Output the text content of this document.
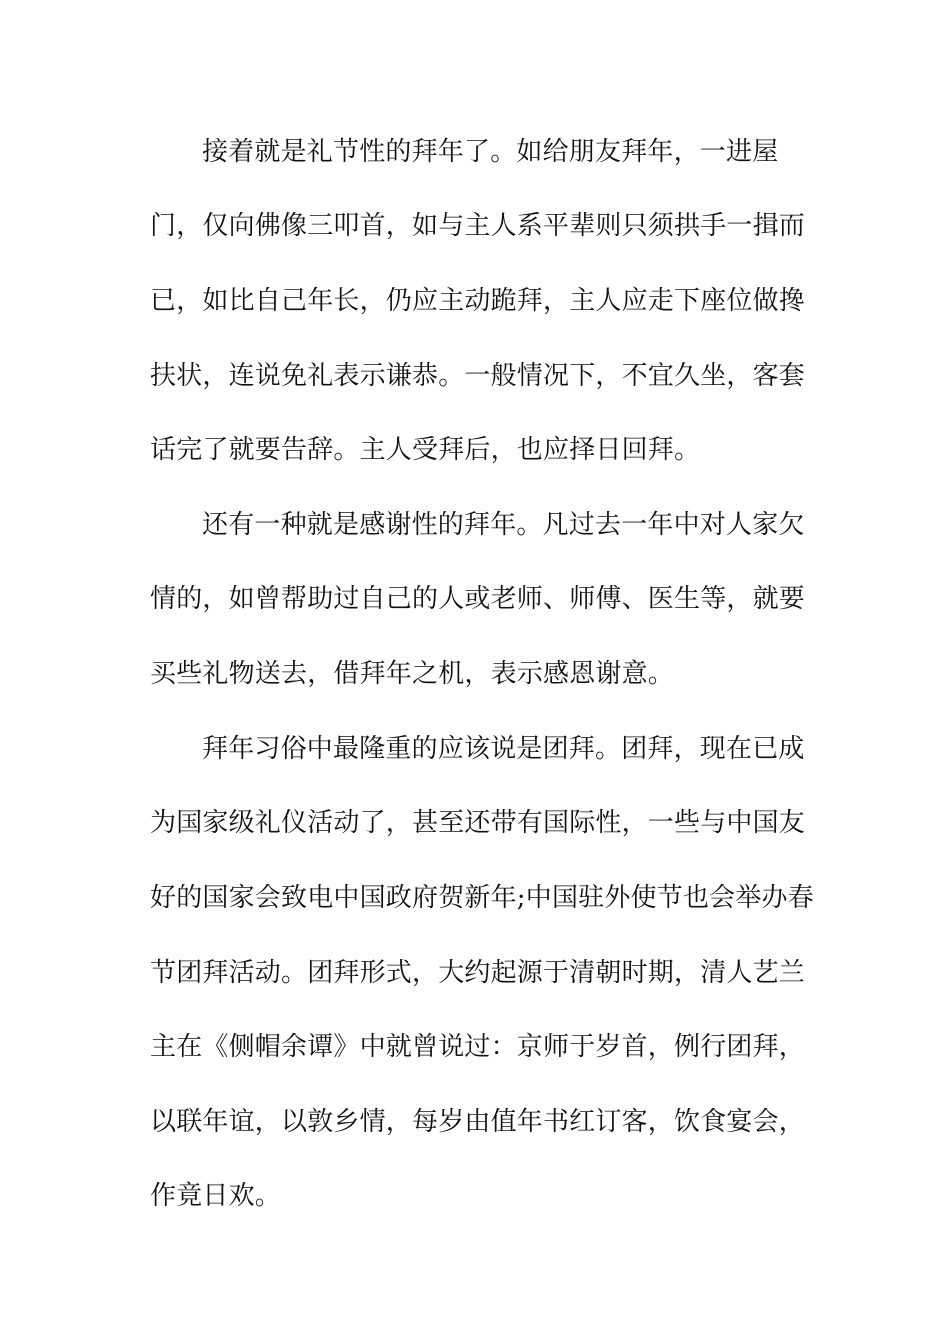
接着就是礼节性的拜年了。如给朋友拜年，一进屋
门，仅向佛像三叩首，如与主人系平辈则只须拱手一揖而
已，如比自己年长，仍应主动跪拜，主人应走下座位做搀
扶状，连说免礼表示谦恭。一般情况下，不宜久坐，客套
话完了就要告辞。主人受拜后，也应择日回拜。
还有一种就是感谢性的拜年。凡过去一年中对人家欠
情的，如曾帮助过自己的人或老师、师傅、医生等，就要
买些礼物送去，借拜年之机，表示感恩谢意。
拜年习俗中最隆重的应该说是团拜。团拜，现在已成
为国家级礼仪活动了，甚至还带有国际性，一些与中国友
好的国家会致电中国政府贺新年;中国驻外使节也会举办春
节团拜活动。团拜形式，大约起源于清朝时期，清人艺兰
主在《侧帽余谭》中就曾说过：京师于岁首，例行团拜，
以联年谊，以敦乡情，每岁由值年书红订客，饮食宴会，
作竟日欢。
